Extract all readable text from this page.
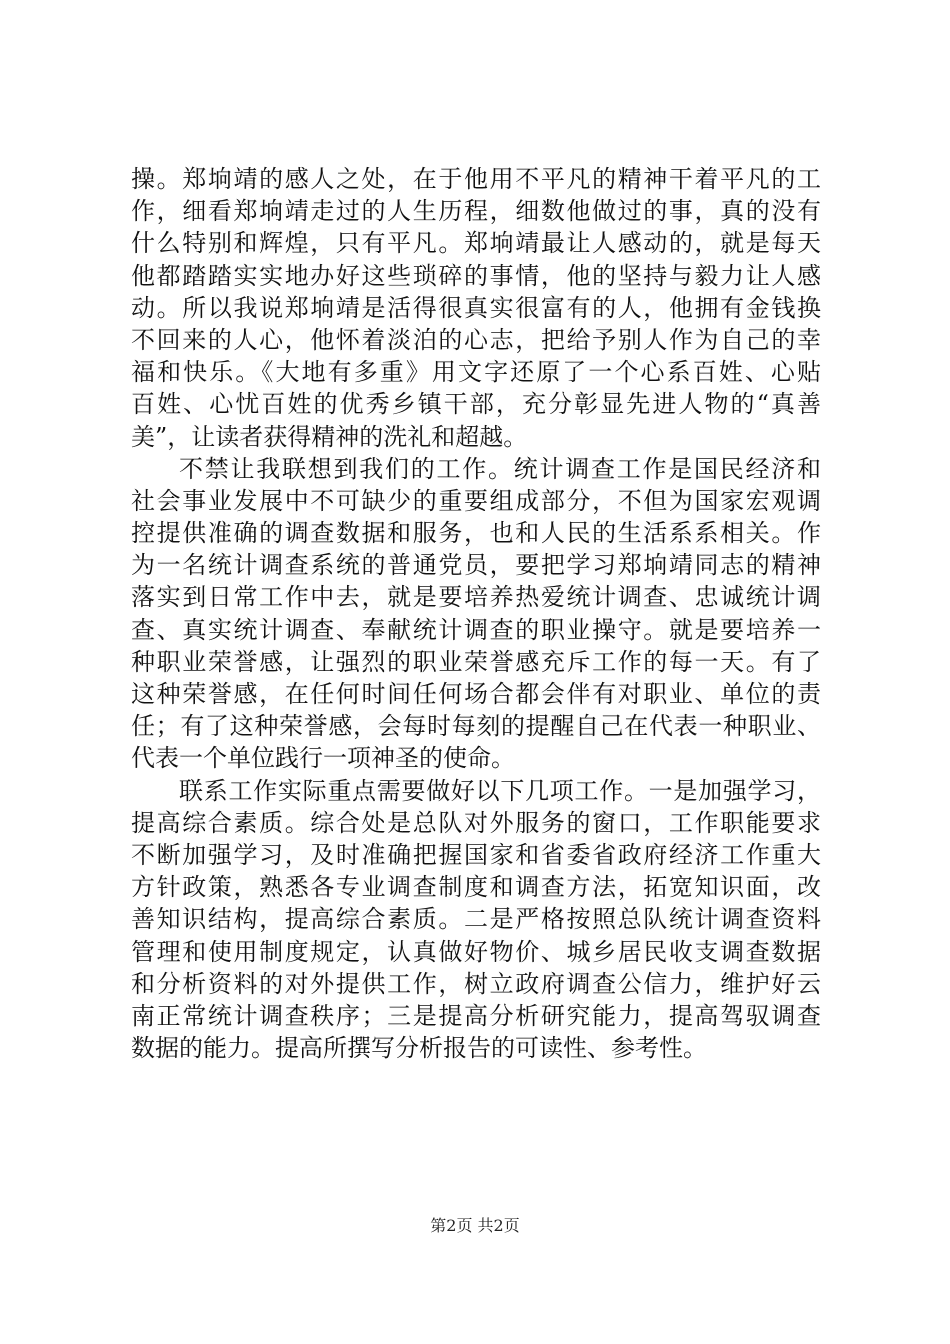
操。郑垧靖的感人之处，在于他用不平凡的精神干着平凡的工
作，细看郑垧靖走过的人生历程，细数他做过的事，真的没有
什么特别和辉煌，只有平凡。郑垧靖最让人感动的，就是每天
他都踏踏实实地办好这些琐碎的事情，他的坚持与毅力让人感
动。所以我说郑垧靖是活得很真实很富有的人，他拥有金钱换
不回来的人心，他怀着淡泊的心志，把给予别人作为自己的幸
福和快乐。《大地有多重》用文字还原了一个心系百姓、心贴
百姓、心忧百姓的优秀乡镇干部，充分彰显先进人物的“真善
美”，让读者获得精神的洗礼和超越。
不禁让我联想到我们的工作。统计调查工作是国民经济和
社会事业发展中不可缺少的重要组成部分，不但为国家宏观调
控提供准确的调查数据和服务，也和人民的生活系系相关。作
为一名统计调查系统的普通党员，要把学习郑垧靖同志的精神
落实到日常工作中去，就是要培养热爱统计调查、忠诚统计调
查、真实统计调查、奉献统计调查的职业操守。就是要培养一
种职业荣誉感，让强烈的职业荣誉感充斥工作的每一天。有了
这种荣誉感，在任何时间任何场合都会伴有对职业、单位的责
任；有了这种荣誉感，会每时每刻的提醒自己在代表一种职业、
代表一个单位践行一项神圣的使命。
联系工作实际重点需要做好以下几项工作。一是加强学习，
提高综合素质。综合处是总队对外服务的窗口，工作职能要求
不断加强学习，及时准确把握国家和省委省政府经济工作重大
方针政策，熟悉各专业调查制度和调查方法，拓宽知识面，改
善知识结构，提高综合素质。二是严格按照总队统计调查资料
管理和使用制度规定，认真做好物价、城乡居民收支调查数据
和分析资料的对外提供工作，树立政府调查公信力，维护好云
南正常统计调查秩序；三是提高分析研究能力，提高驾驭调查
数据的能力。提高所撰写分析报告的可读性、参考性。
第2页 共2页
